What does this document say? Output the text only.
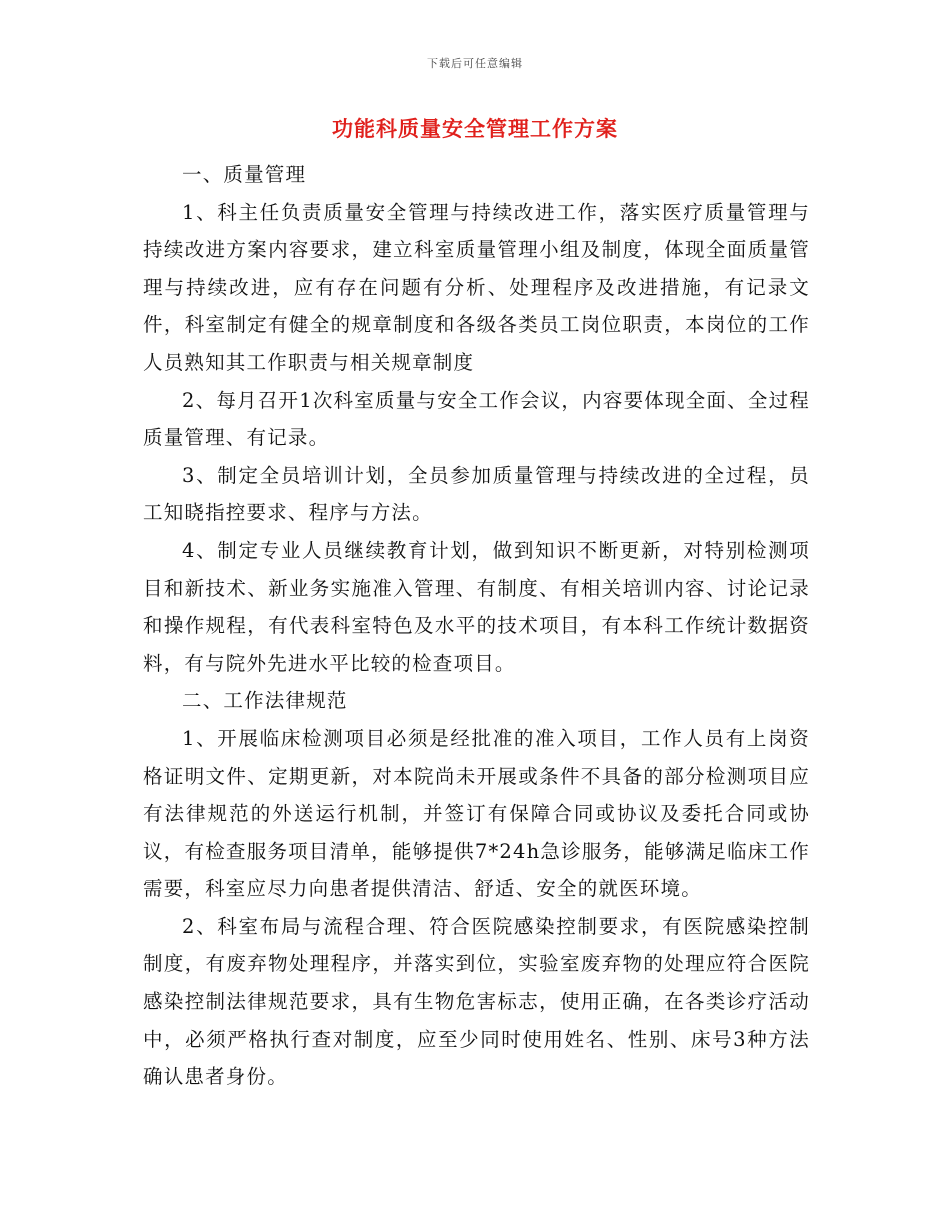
下载后可任意编辑
功能科质量安全管理工作方案

一、质量管理

1、科主任负责质量安全管理与持续改进工作，落实医疗质量管理与持续改进方案内容要求，建立科室质量管理小组及制度，体现全面质量管理与持续改进，应有存在问题有分析、处理程序及改进措施，有记录文件，科室制定有健全的规章制度和各级各类员工岗位职责，本岗位的工作人员熟知其工作职责与相关规章制度

2、每月召开1次科室质量与安全工作会议，内容要体现全面、全过程质量管理、有记录。

3、制定全员培训计划，全员参加质量管理与持续改进的全过程，员工知晓指控要求、程序与方法。

4、制定专业人员继续教育计划，做到知识不断更新，对特别检测项目和新技术、新业务实施准入管理、有制度、有相关培训内容、讨论记录和操作规程，有代表科室特色及水平的技术项目，有本科工作统计数据资料，有与院外先进水平比较的检查项目。

二、工作法律规范

1、开展临床检测项目必须是经批准的准入项目，工作人员有上岗资格证明文件、定期更新，对本院尚未开展或条件不具备的部分检测项目应有法律规范的外送运行机制，并签订有保障合同或协议及委托合同或协议，有检查服务项目清单，能够提供7*24h急诊服务，能够满足临床工作需要，科室应尽力向患者提供清洁、舒适、安全的就医环境。

2、科室布局与流程合理、符合医院感染控制要求，有医院感染控制制度，有废弃物处理程序，并落实到位，实验室废弃物的处理应符合医院感染控制法律规范要求，具有生物危害标志，使用正确，在各类诊疗活动中，必须严格执行查对制度，应至少同时使用姓名、性别、床号3种方法确认患者身份。
